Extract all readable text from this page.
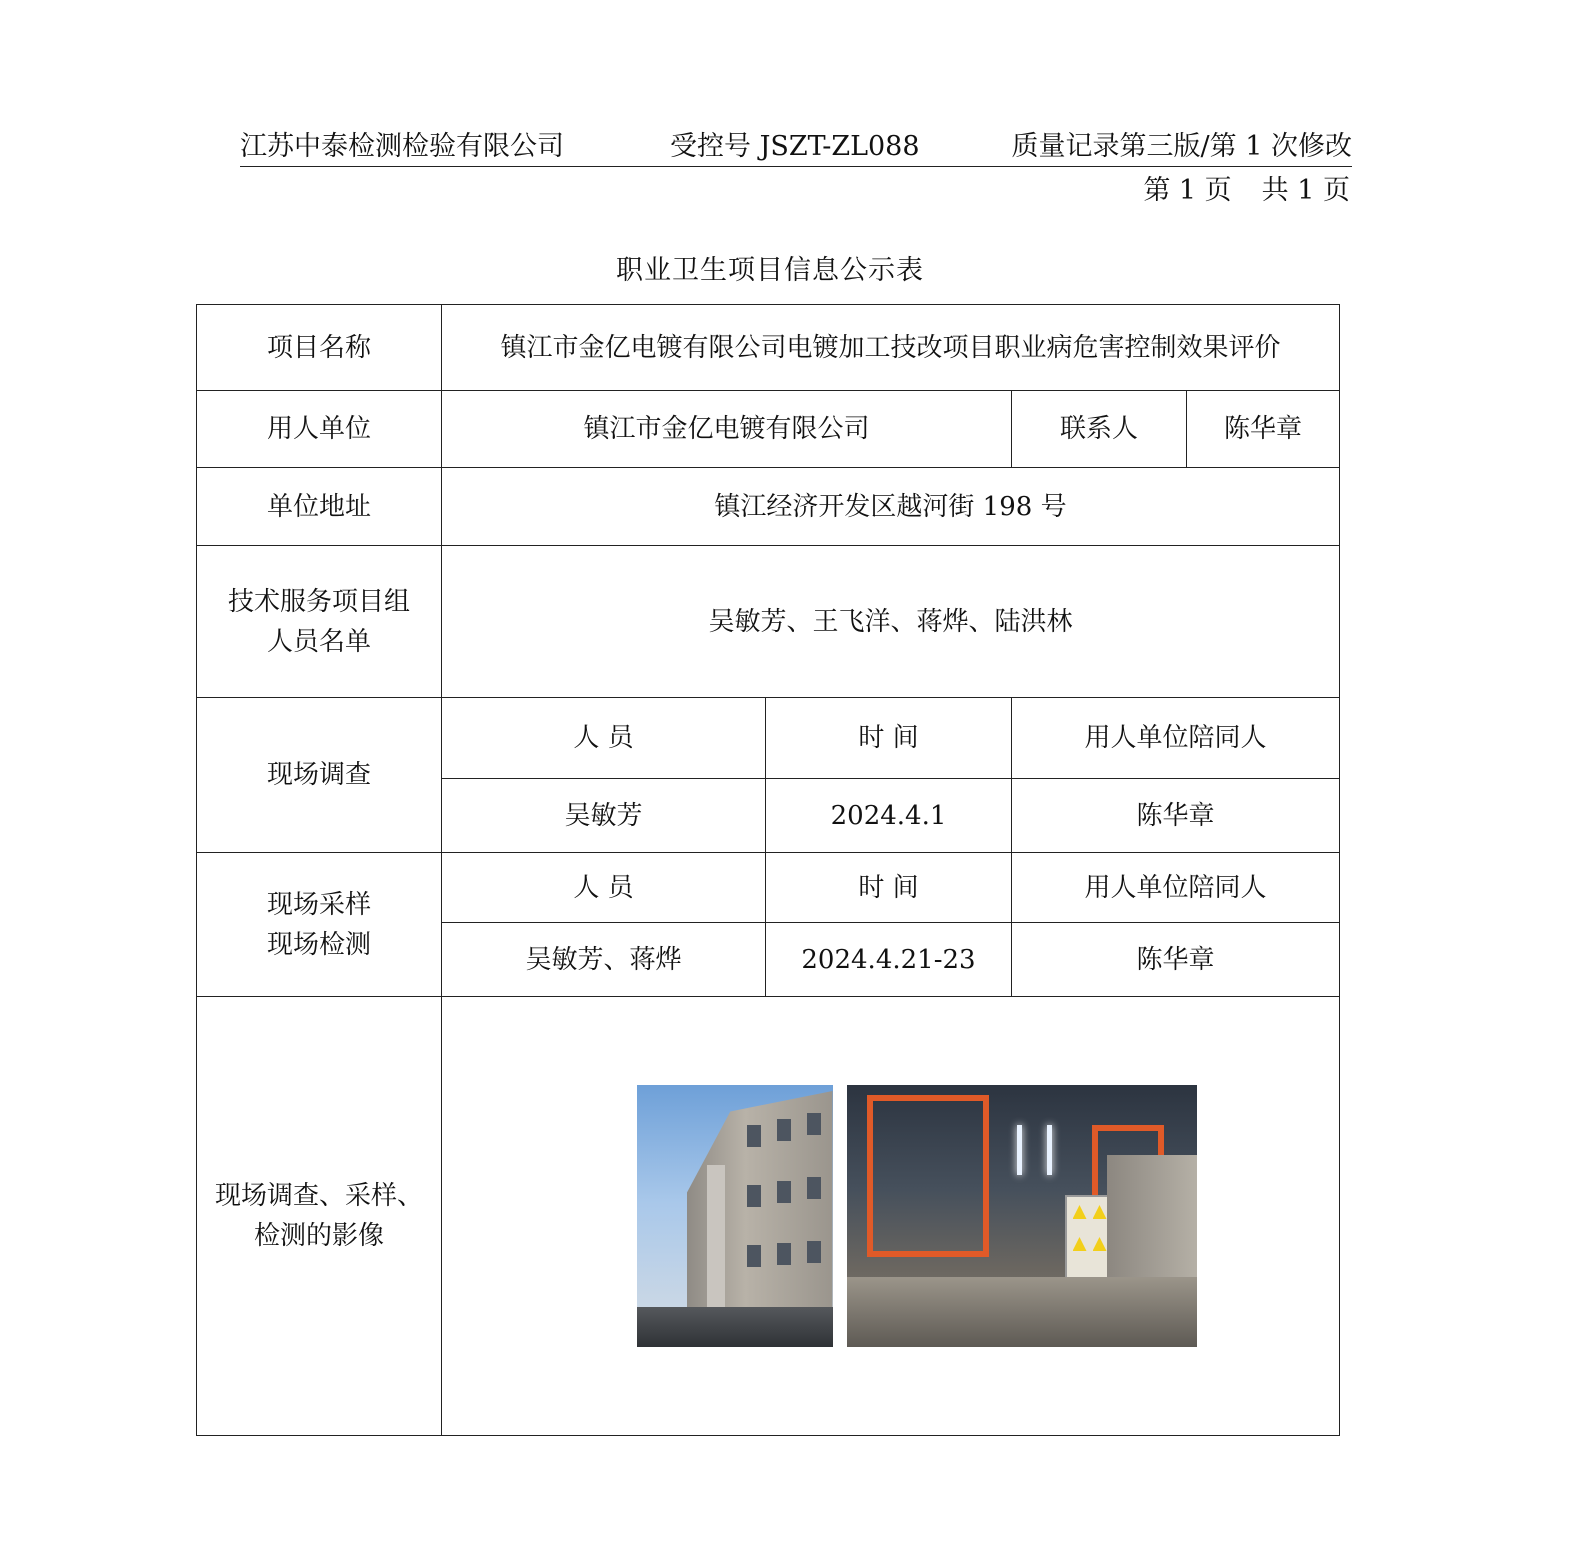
江苏中泰检测检验有限公司	受控号 JSZT-ZL088	质量记录第三版/第 1 次修改
第 1 页 共 1 页
职业卫生项目信息公示表
项目名称	镇江市金亿电镀有限公司电镀加工技改项目职业病危害控制效果评价			
用人单位	镇江市金亿电镀有限公司		联系人	陈华章
单位地址	镇江经济开发区越河街 198 号			

技术服务项目组
人员名单	吴敏芳、王飞洋、蒋烨、陆洪林			
现场调查	人 员	时 间	用人单位陪同人	
	吴敏芳	2024.4.1	陈华章	

现场采样
现场检测	人 员	时 间	用人单位陪同人	
	吴敏芳、蒋烨	2024.4.21-23	陈华章	

现场调查、采样、
检测的影像				
